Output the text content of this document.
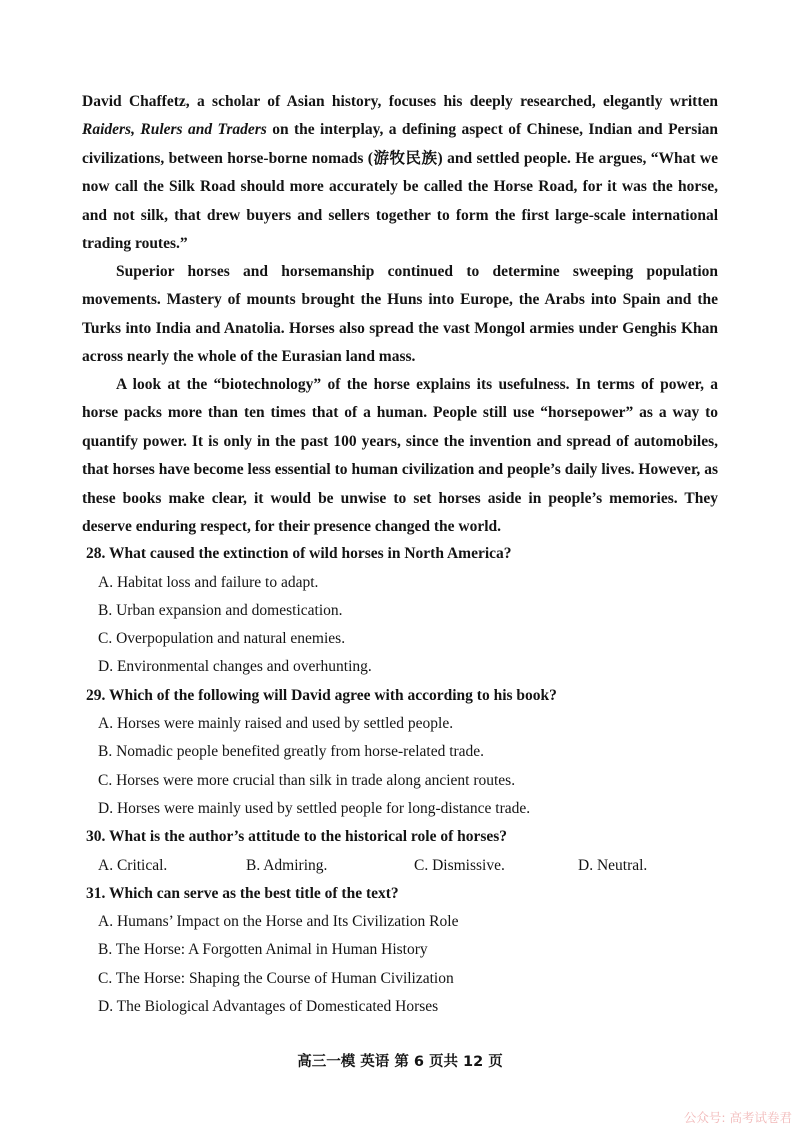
David Chaffetz, a scholar of Asian history, focuses his deeply researched, elegantly written Raiders, Rulers and Traders on the interplay, a defining aspect of Chinese, Indian and Persian civilizations, between horse-borne nomads (游牧民族) and settled people. He argues, “What we now call the Silk Road should more accurately be called the Horse Road, for it was the horse, and not silk, that drew buyers and sellers together to form the first large-scale international trading routes.”

Superior horses and horsemanship continued to determine sweeping population movements. Mastery of mounts brought the Huns into Europe, the Arabs into Spain and the Turks into India and Anatolia. Horses also spread the vast Mongol armies under Genghis Khan across nearly the whole of the Eurasian land mass.

A look at the “biotechnology” of the horse explains its usefulness. In terms of power, a horse packs more than ten times that of a human. People still use “horsepower” as a way to quantify power. It is only in the past 100 years, since the invention and spread of automobiles, that horses have become less essential to human civilization and people’s daily lives. However, as these books make clear, it would be unwise to set horses aside in people’s memories. They deserve enduring respect, for their presence changed the world.

28. What caused the extinction of wild horses in North America?
A. Habitat loss and failure to adapt.
B. Urban expansion and domestication.
C. Overpopulation and natural enemies.
D. Environmental changes and overhunting.
29. Which of the following will David agree with according to his book?
A. Horses were mainly raised and used by settled people.
B. Nomadic people benefited greatly from horse-related trade.
C. Horses were more crucial than silk in trade along ancient routes.
D. Horses were mainly used by settled people for long-distance trade.
30. What is the author’s attitude to the historical role of horses?
A. Critical.	B. Admiring.	C. Dismissive.	D. Neutral.
31. Which can serve as the best title of the text?
A. Humans’ Impact on the Horse and Its Civilization Role
B. The Horse: A Forgotten Animal in Human History
C. The Horse: Shaping the Course of Human Civilization
D. The Biological Advantages of Domesticated Horses
高三一模 英语 第 6 页共 12 页
公众号: 高考试卷君
